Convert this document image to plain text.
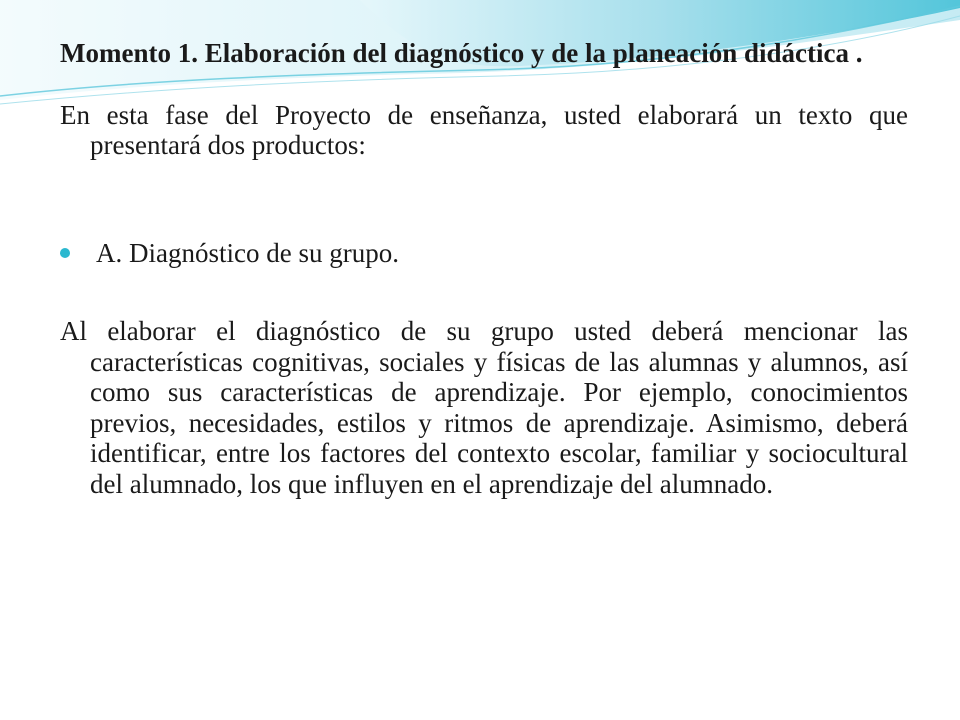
Momento 1. Elaboración del diagnóstico y de la planeación didáctica .

En esta fase del Proyecto de enseñanza, usted elaborará un texto que presentará dos productos:

A. Diagnóstico de su grupo.

Al elaborar el diagnóstico de su grupo usted deberá mencionar las características cognitivas, sociales y físicas de las alumnas y alumnos, así como sus características de aprendizaje. Por ejemplo, conocimientos previos, necesidades, estilos y ritmos de aprendizaje. Asimismo, deberá identificar, entre los factores del contexto escolar, familiar y sociocultural del alumnado, los que influyen en el aprendizaje del alumnado.
